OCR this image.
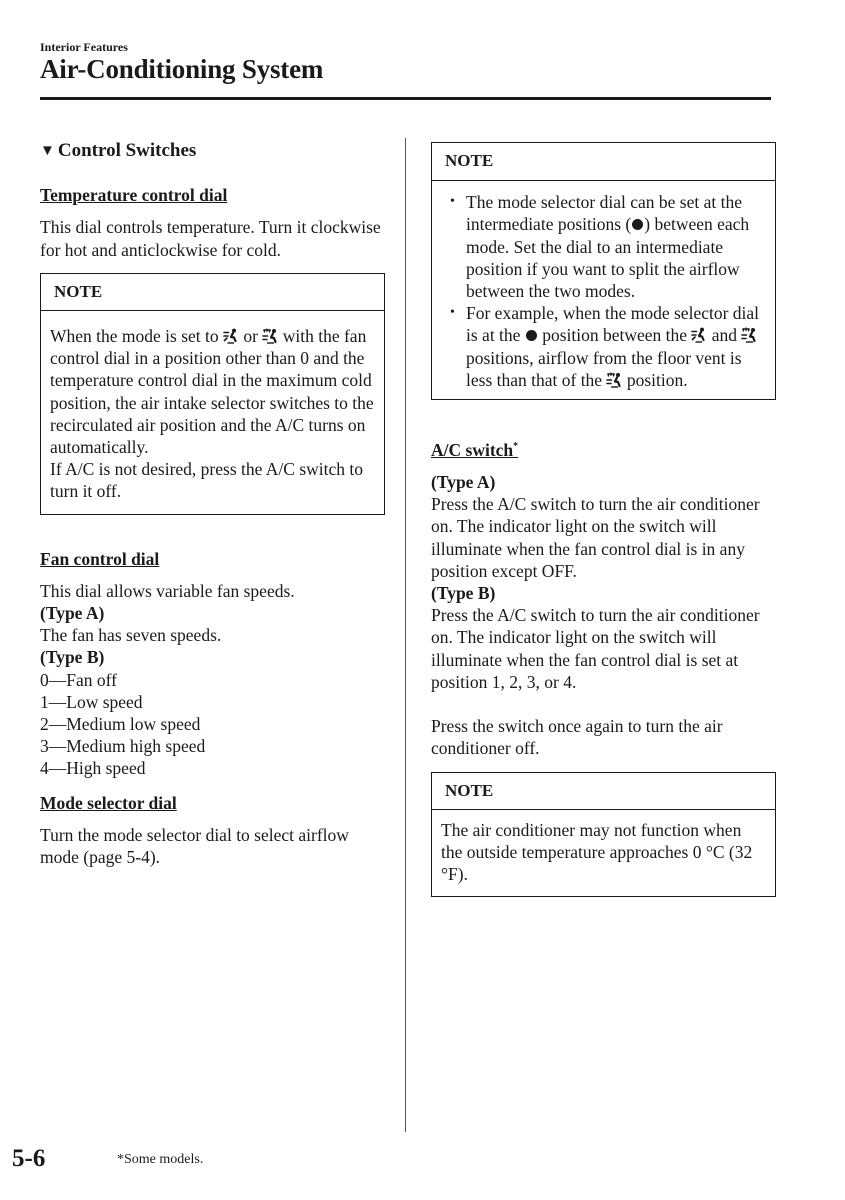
Interior Features
Air-Conditioning System
▼ Control Switches
Temperature control dial

This dial controls temperature. Turn it clockwise for hot and anticlockwise for cold.

NOTE

When the mode is set to or with the fan control dial in a position other than 0 and the temperature control dial in the maximum cold position, the air intake selector switches to the recirculated air position and the A/C turns on automatically.

If A/C is not desired, press the A/C switch to turn it off.

Fan control dial

This dial allows variable fan speeds.

(Type A)

The fan has seven speeds.

(Type B)

0—Fan off

1—Low speed

2—Medium low speed

3—Medium high speed

4—High speed

Mode selector dial

Turn the mode selector dial to select airflow mode (page 5-4).

NOTE
• The mode selector dial can be set at the intermediate positions ( ) between each mode. Set the dial to an intermediate position if you want to split the airflow between the two modes.
• For example, when the mode selector dial is at the position between the and  positions, airflow from the floor vent is less than that of the position.
A/C switch*

(Type A)

Press the A/C switch to turn the air conditioner on. The indicator light on the switch will illuminate when the fan control dial is in any position except OFF.

(Type B)

Press the A/C switch to turn the air conditioner on. The indicator light on the switch will illuminate when the fan control dial is set at position 1, 2, 3, or 4.

Press the switch once again to turn the air conditioner off.

NOTE

The air conditioner may not function when the outside temperature approaches 0 °C (32 °F).

5-6	*Some models.
